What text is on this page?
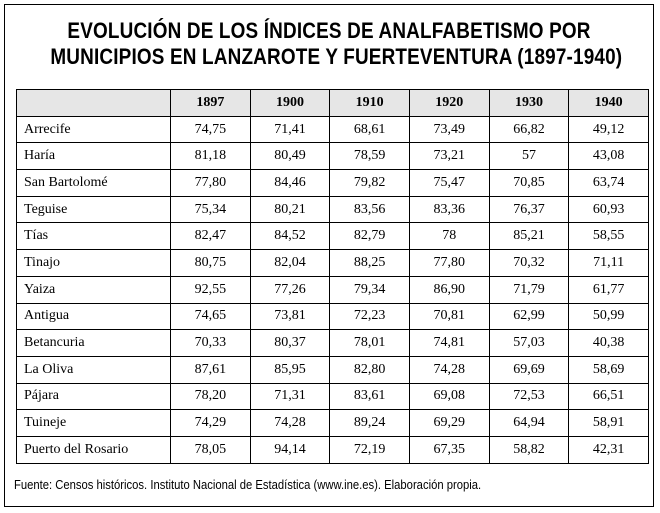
EVOLUCIÓN DE LOS ÍNDICES DE ANALFABETISMO POR
MUNICIPIOS EN LANZAROTE Y FUERTEVENTURA (1897-1940)
	1897	1900	1910	1920	1930	1940
Arrecife	74,75	71,41	68,61	73,49	66,82	49,12
Haría	81,18	80,49	78,59	73,21	57	43,08
San Bartolomé	77,80	84,46	79,82	75,47	70,85	63,74
Teguise	75,34	80,21	83,56	83,36	76,37	60,93
Tías	82,47	84,52	82,79	78	85,21	58,55
Tinajo	80,75	82,04	88,25	77,80	70,32	71,11
Yaiza	92,55	77,26	79,34	86,90	71,79	61,77
Antigua	74,65	73,81	72,23	70,81	62,99	50,99
Betancuria	70,33	80,37	78,01	74,81	57,03	40,38
La Oliva	87,61	85,95	82,80	74,28	69,69	58,69
Pájara	78,20	71,31	83,61	69,08	72,53	66,51
Tuineje	74,29	74,28	89,24	69,29	64,94	58,91
Puerto del Rosario	78,05	94,14	72,19	67,35	58,82	42,31
Fuente: Censos históricos. Instituto Nacional de Estadística (www.ine.es). Elaboración propia.
